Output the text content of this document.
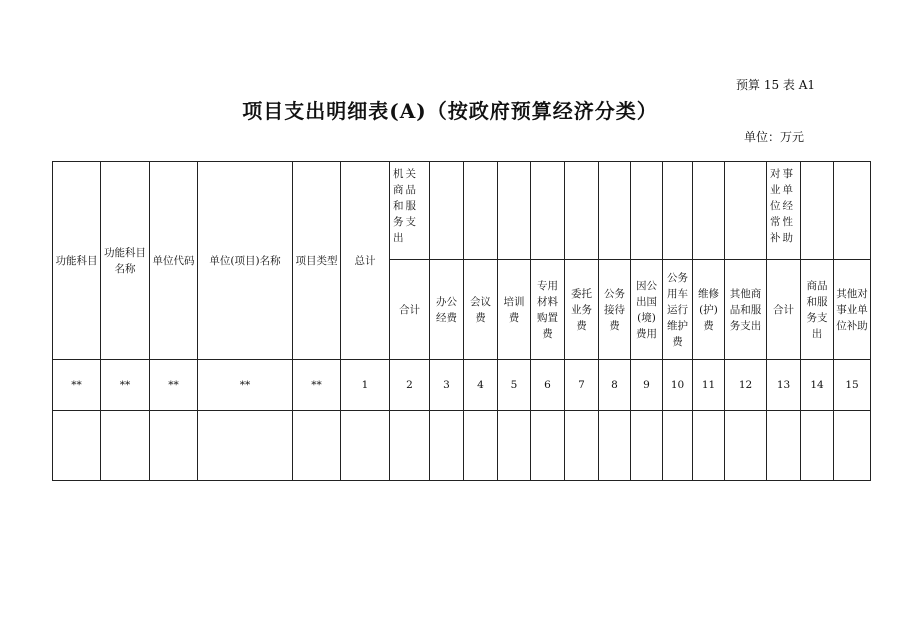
预算 15 表 A1
项目支出明细表(A)（按政府预算经济分类）
单位：万元
功能科目	功能科目名称	单位代码	单位(项目)名称	项目类型	总计	机关商品和服务支出											对事业单位经常性补助		
						合计	办公经费	会议费	培训费	专用材料购置费	委托业务费	公务接待费	因公出国(境)费用	公务用车运行维护费	维修(护)费	其他商品和服务支出	合计	商品和服务支出	其他对事业单位补助
**	**	**	**	**	1	2	3	4	5	6	7	8	9	10	11	12	13	14	15
